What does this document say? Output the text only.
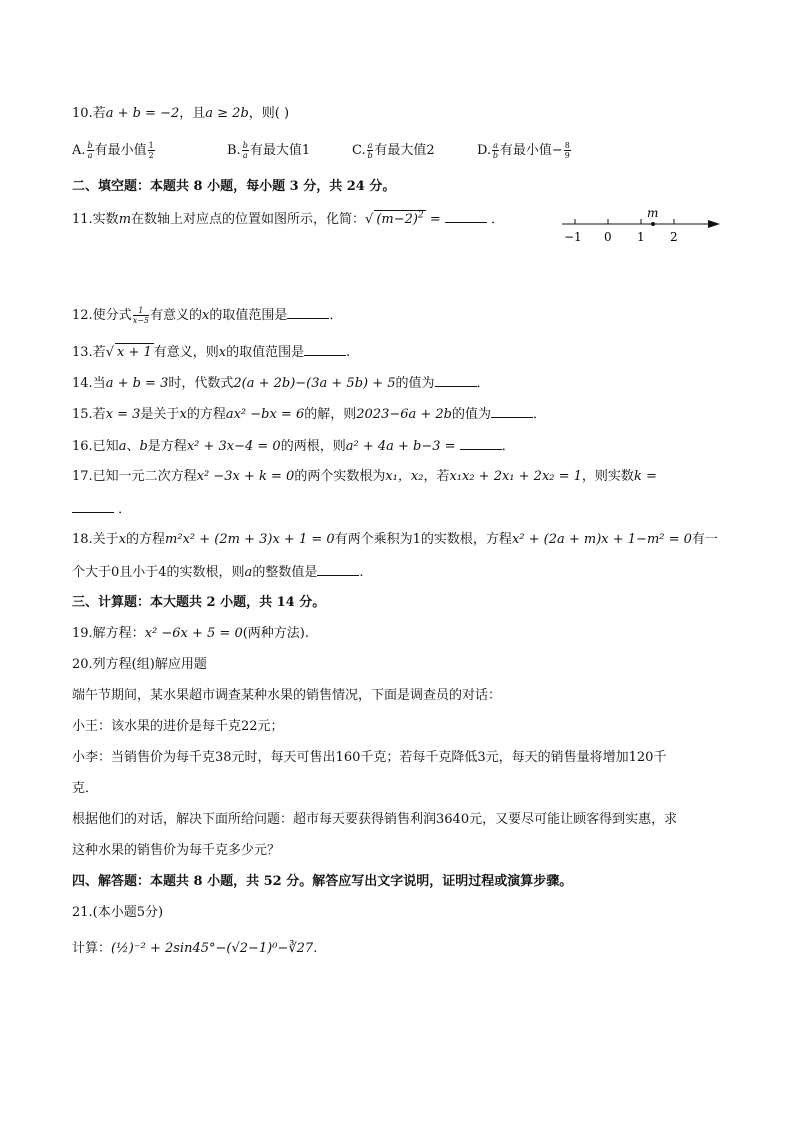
10.若a + b = −2，且a ≥ 2b，则( )
A. $\frac{b}{a}$ 有最小值 $\frac{1}{2}$	B. $\frac{b}{a}$ 有最大值1	C. $\frac{a}{b}$ 有最大值2	D. $\frac{a}{b}$ 有最小值− $\frac{8}{9}$
二、填空题：本题共 8 小题，每小题 3 分，共 24 分。
11.实数m在数轴上对应点的位置如图所示，化简：√ $(m-2)^2$ =	．	m
−1 0 1 2
12.使分式 $\frac{1}{x-5}$ 有意义的x的取值范围是	．
13.若√ x + 1 有意义，则x的取值范围是	.
14.当a + b = 3时，代数式2(a + 2b)−(3a + 5b) + 5的值为	．
15.若x = 3是关于x的方程ax² −bx = 6的解，则2023−6a + 2b的值为	．
16.已知a、b是方程x² + 3x−4 = 0的两根，则a² + 4a + b−3 =	．
17.已知一元二次方程x² −3x + k = 0的两个实数根为x₁，x₂，若x₁x₂ + 2x₁ + 2x₂ = 1，则实数k =
．
18.关于x的方程m²x² + (2m + 3)x + 1 = 0有两个乘积为1的实数根，方程x² + (2a + m)x + 1−m² = 0有一
个大于0且小于4的实数根，则a的整数值是	.
三、计算题：本大题共 2 小题，共 14 分。
19.解方程：x² −6x + 5 = 0(两种方法).
20.列方程(组)解应用题
端午节期间，某水果超市调查某种水果的销售情况，下面是调查员的对话：
小王：该水果的进价是每千克22元；
小李：当销售价为每千克38元时，每天可售出160千克；若每千克降低3元，每天的销售量将增加120千
克．
根据他们的对话，解决下面所给问题：超市每天要获得销售利润3640元，又要尽可能让顾客得到实惠，求
这种水果的销售价为每千克多少元？
四、解答题：本题共 8 小题，共 52 分。解答应写出文字说明，证明过程或演算步骤。
21.(本小题5分)
计算：(½)⁻² + 2sin45°−(√2−1)⁰−∛27.
